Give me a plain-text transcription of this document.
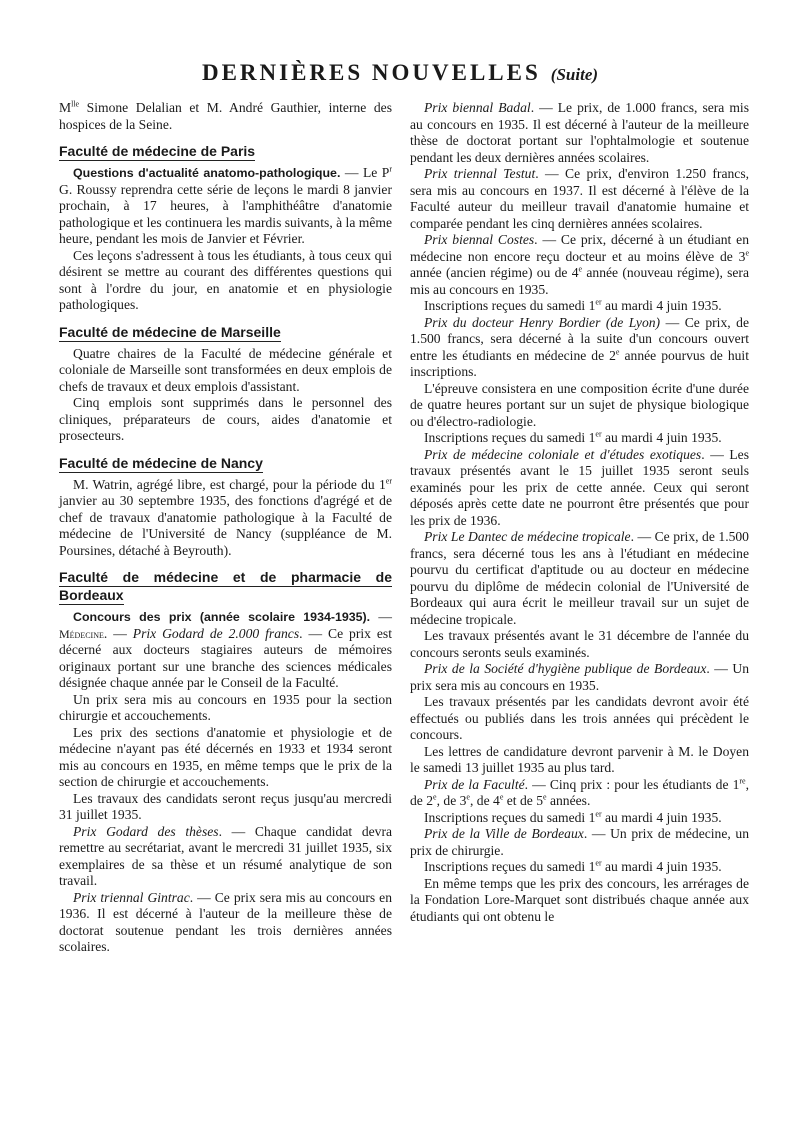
DERNIÈRES NOUVELLES (Suite)

$M^{lle}$ Simone Delalian et M. André Gauthier, interne des hospices de la Seine.

Faculté de médecine de Paris

Questions d'actualité anatomo-pathologique. — Le $P^r$ G. Roussy reprendra cette série de leçons le mardi 8 janvier prochain, à 17 heures, à l'amphithéâtre d'anatomie pathologique et les continuera les mardis suivants, à la même heure, pendant les mois de Janvier et Février.

Ces leçons s'adressent à tous les étudiants, à tous ceux qui désirent se mettre au courant des différentes questions qui sont à l'ordre du jour, en anatomie et en physiologie pathologiques.

Faculté de médecine de Marseille

Quatre chaires de la Faculté de médecine générale et coloniale de Marseille sont transformées en deux emplois de chefs de travaux et deux emplois d'assistant.

Cinq emplois sont supprimés dans le personnel des cliniques, préparateurs de cours, aides d'anatomie et prosecteurs.

Faculté de médecine de Nancy

M. Watrin, agrégé libre, est chargé, pour la période du 1er janvier au 30 septembre 1935, des fonctions d'agrégé et de chef de travaux d'anatomie pathologique à la Faculté de médecine de l'Université de Nancy (suppléance de M. Poursines, détaché à Beyrouth).

Faculté de médecine et de pharmacie de Bordeaux

Concours des prix (année scolaire 1934-1935). — Médecine. — Prix Godard de 2.000 francs. — Ce prix est décerné aux docteurs stagiaires auteurs de mémoires originaux portant sur une branche des sciences médicales désignée chaque année par le Conseil de la Faculté.

Un prix sera mis au concours en 1935 pour la section chirurgie et accouchements.

Les prix des sections d'anatomie et physiologie et de médecine n'ayant pas été décernés en 1933 et 1934 seront mis au concours en 1935, en même temps que le prix de la section de chirurgie et accouchements.

Les travaux des candidats seront reçus jusqu'au mercredi 31 juillet 1935.

Prix Godard des thèses. — Chaque candidat devra remettre au secrétariat, avant le mercredi 31 juillet 1935, six exemplaires de sa thèse et un résumé analytique de son travail.

Prix triennal Gintrac. — Ce prix sera mis au concours en 1936. Il est décerné à l'auteur de la meilleure thèse de doctorat soutenue pendant les trois dernières années scolaires.

Prix biennal Badal. — Le prix, de 1.000 francs, sera mis au concours en 1935. Il est décerné à l'auteur de la meilleure thèse de doctorat portant sur l'ophtalmologie et soutenue pendant les deux dernières années scolaires.

Prix triennal Testut. — Ce prix, d'environ 1.250 francs, sera mis au concours en 1937. Il est décerné à l'élève de la Faculté auteur du meilleur travail d'anatomie humaine et comparée pendant les cinq dernières années scolaires.

Prix biennal Costes. — Ce prix, décerné à un étudiant en médecine non encore reçu docteur et au moins élève de 3e année (ancien régime) ou de 4e année (nouveau régime), sera mis au concours en 1935.

Inscriptions reçues du samedi 1er au mardi 4 juin 1935.

Prix du docteur Henry Bordier (de Lyon) — Ce prix, de 1.500 francs, sera décerné à la suite d'un concours ouvert entre les étudiants en médecine de 2e année pourvus de huit inscriptions.

L'épreuve consistera en une composition écrite d'une durée de quatre heures portant sur un sujet de physique biologique ou d'électro-radiologie.

Inscriptions reçues du samedi 1er au mardi 4 juin 1935.

Prix de médecine coloniale et d'études exotiques. — Les travaux présentés avant le 15 juillet 1935 seront seuls examinés pour les prix de cette année. Ceux qui seront déposés après cette date ne pourront être présentés que pour les prix de 1936.

Prix Le Dantec de médecine tropicale. — Ce prix, de 1.500 francs, sera décerné tous les ans à l'étudiant en médecine pourvu du certificat d'aptitude ou au docteur en médecine pourvu du diplôme de médecin colonial de l'Université de Bordeaux qui aura écrit le meilleur travail sur un sujet de médecine tropicale.

Les travaux présentés avant le 31 décembre de l'année du concours seronts seuls examinés.

Prix de la Société d'hygiène publique de Bordeaux. — Un prix sera mis au concours en 1935.

Les travaux présentés par les candidats devront avoir été effectués ou publiés dans les trois années qui précèdent le concours.

Les lettres de candidature devront parvenir à M. le Doyen le samedi 13 juillet 1935 au plus tard.

Prix de la Faculté. — Cinq prix : pour les étudiants de 1re, de 2e, de 3e, de 4e et de 5e années.

Inscriptions reçues du samedi 1er au mardi 4 juin 1935.

Prix de la Ville de Bordeaux. — Un prix de médecine, un prix de chirurgie.

Inscriptions reçues du samedi 1er au mardi 4 juin 1935.

En même temps que les prix des concours, les arrérages de la Fondation Lore-Marquet sont distribués chaque année aux étudiants qui ont obtenu le
